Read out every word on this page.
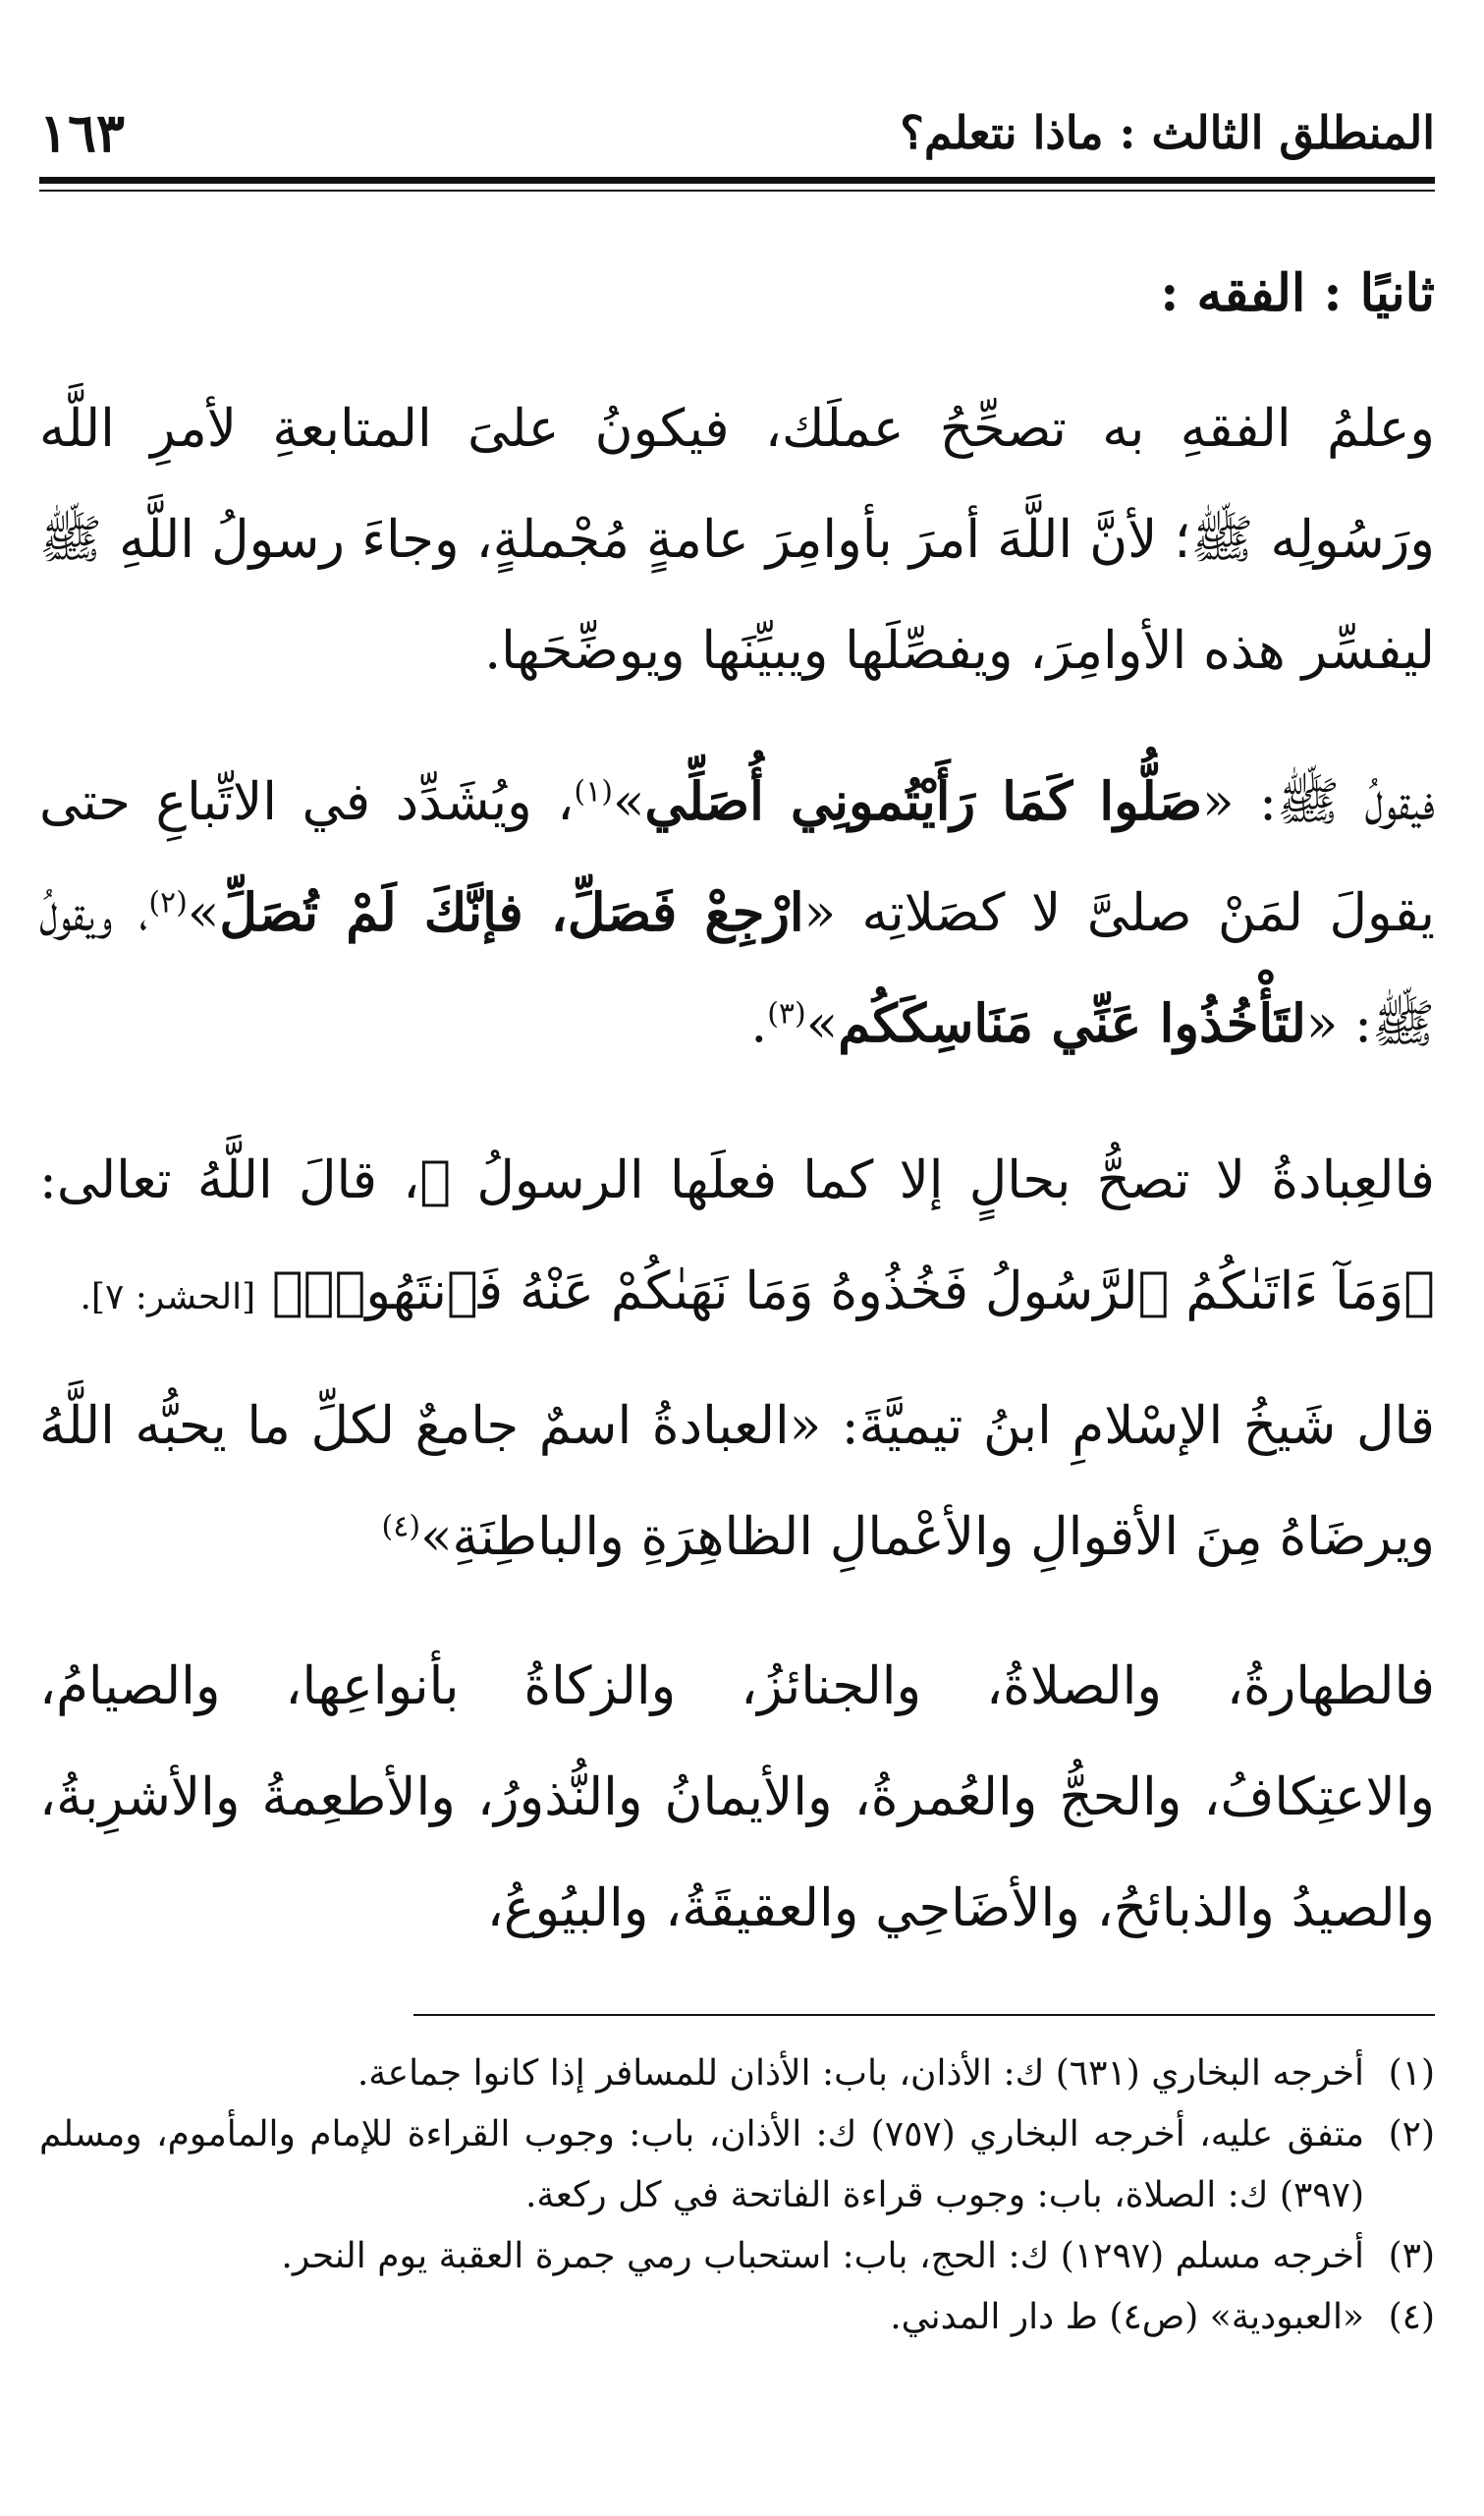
المنطلق الثالث : ماذا نتعلم؟
١٦٣
ثانيًا : الفقه :
وعلمُ الفقهِ به تصحِّحُ عملَك، فيكونُ علىَ المتابعةِ لأمرِ اللَّه ورَسُولِه ﷺ؛ لأنَّ اللَّهَ أمرَ بأوامِرَ عامةٍ مُجْملةٍ، وجاءَ رسولُ اللَّهِ ﷺ ليفسِّر هذه الأوامِرَ، ويفصِّلَها ويبيِّنَها ويوضِّحَها.
فيقولُ ﷺ: «صَلُّوا كَمَا رَأَيْتُمونِي أُصَلِّي»$^{(١)}$، ويُشَدِّد في الاتِّباعِ حتى يقولَ لمَنْ صلىَّ لا كصَلاتِه «ارْجِعْ فَصَلِّ، فإنَّكَ لَمْ تُصَلِّ»$^{(٢)}$، ويقولُ ﷺ: «لتَأْخُذُوا عَنِّي مَنَاسِكَكُم»$^{(٣)}$.
فالعِبادةُ لا تصحُّ بحالٍ إلا كما فعلَها الرسولُ ﷺ، قالَ اللَّهُ تعالى: ﴿وَمَآ ءَاتَىٰكُمُ ٱلرَّسُولُ فَخُذُوهُ وَمَا نَهَىٰكُمْ عَنْهُ فَٱنتَهُوا۟﴾ [الحشر: ٧].
قال شَيخُ الإسْلامِ ابنُ تيميَّةَ: «العبادةُ اسمٌ جامعٌ لكلِّ ما يحبُّه اللَّهُ ويرضَاهُ مِنَ الأقوالِ والأعْمالِ الظاهِرَةِ والباطِنَةِ»$^{(٤)}$
فالطهارةُ، والصلاةُ، والجنائزُ، والزكاةُ بأنواعِها، والصيامُ، والاعتِكافُ، والحجُّ والعُمرةُ، والأيمانُ والنُّذورُ، والأطعِمةُ والأشرِبةُ، والصيدُ والذبائحُ، والأضَاحِي والعقيقَةُ، والبيُوعُ،
(١)
أخرجه البخاري (٦٣١) ك: الأذان، باب: الأذان للمسافر إذا كانوا جماعة.
(٢)
متفق عليه، أخرجه البخاري (٧٥٧) ك: الأذان، باب: وجوب القراءة للإمام والمأموم، ومسلم (٣٩٧) ك: الصلاة، باب: وجوب قراءة الفاتحة في كل ركعة.
(٣)
أخرجه مسلم (١٢٩٧) ك: الحج، باب: استحباب رمي جمرة العقبة يوم النحر.
(٤)
«العبودية» (ص٤) ط دار المدني.
